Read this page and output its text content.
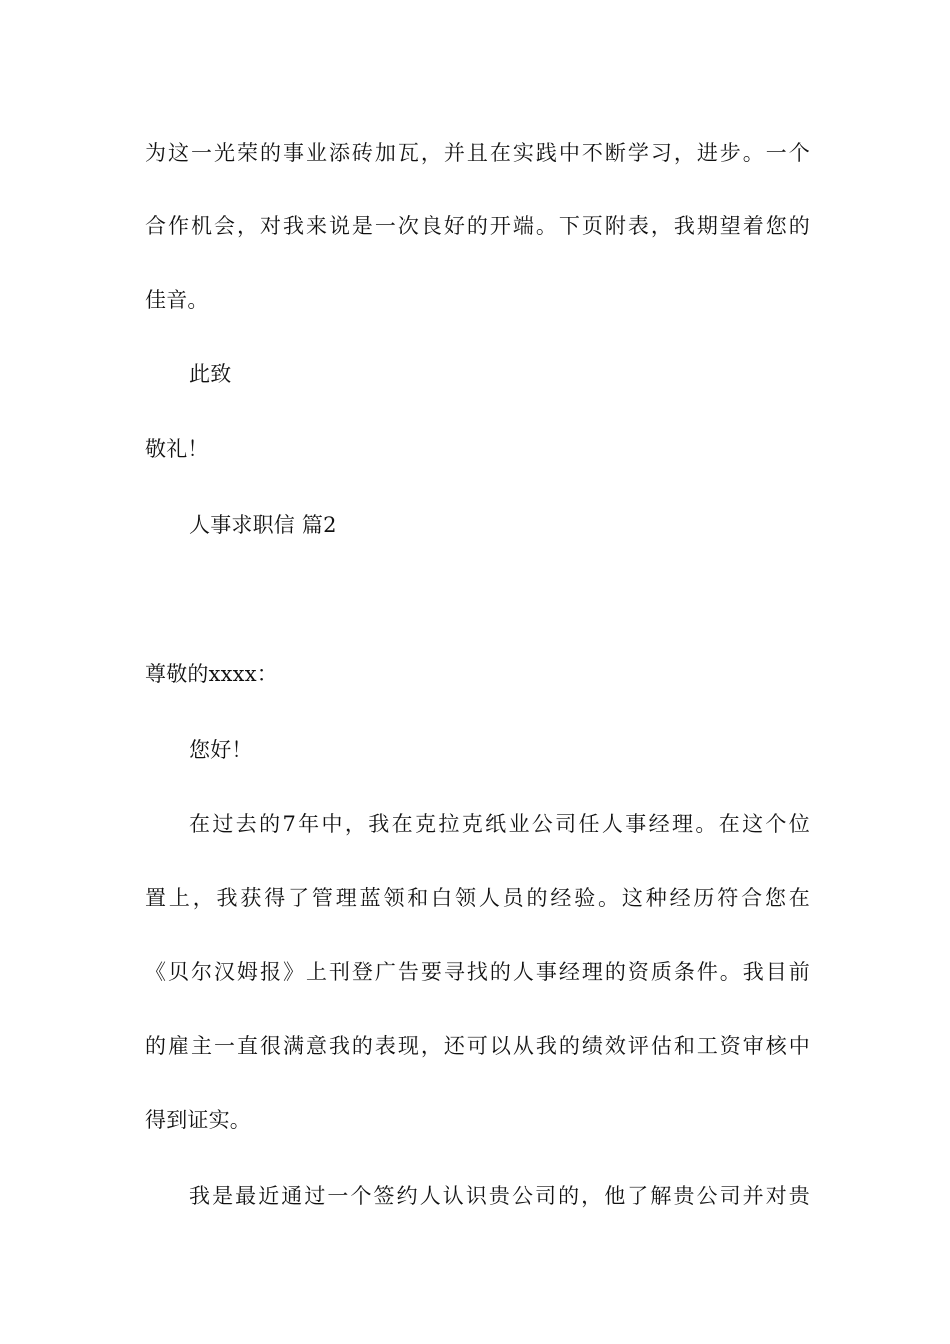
为这一光荣的事业添砖加瓦，并且在实践中不断学习，进步。一个
合作机会，对我来说是一次良好的开端。下页附表，我期望着您的
佳音。
此致
敬礼！
人事求职信 篇2
尊敬的xxxx：
您好！
在过去的7年中，我在克拉克纸业公司任人事经理。在这个位
置上，我获得了管理蓝领和白领人员的经验。这种经历符合您在
《贝尔汉姆报》上刊登广告要寻找的人事经理的资质条件。我目前
的雇主一直很满意我的表现，还可以从我的绩效评估和工资审核中
得到证实。
我是最近通过一个签约人认识贵公司的，他了解贵公司并对贵
